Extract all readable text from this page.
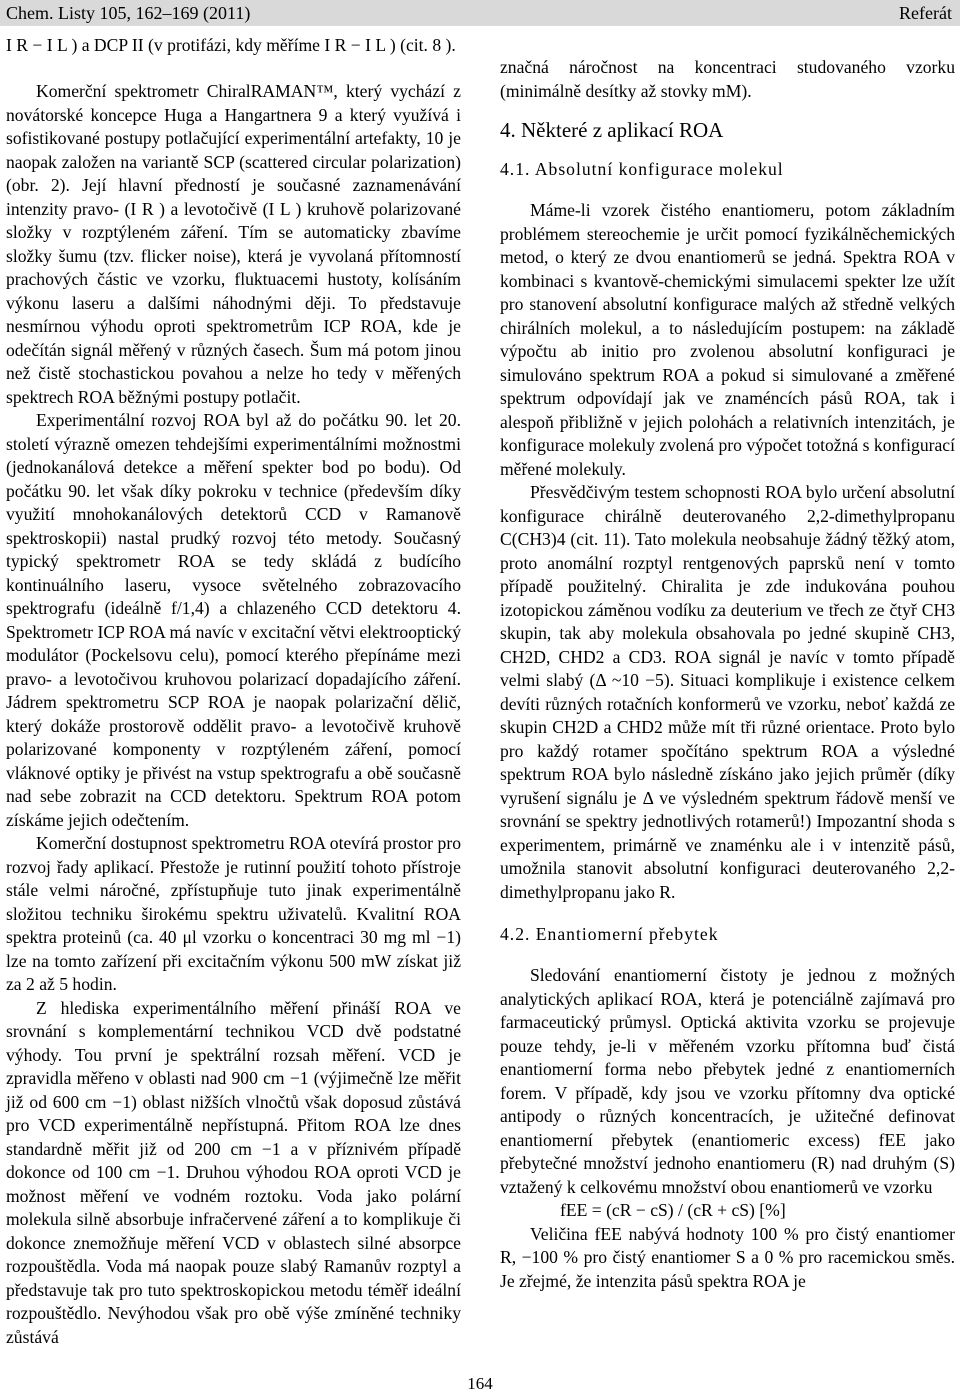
Chem. Listy 105, 162–169 (2011)	Referát
I R − I L ) a DCP II (v protifázi, kdy měříme I R − I L ) (cit. 8 ).

Komerční spektrometr ChiralRAMAN™, který vychází z novátorské koncepce Huga a Hangartnera 9 a který využívá i sofistikované postupy potlačující experimentální artefakty, 10 je naopak založen na variantě SCP (scattered circular polarization) (obr. 2). Její hlavní předností je současné zaznamenávání intenzity pravo- (I R ) a levotočivě (I L ) kruhově polarizované složky v rozptýleném záření. Tím se automaticky zbavíme složky šumu (tzv. flicker noise), která je vyvolaná přítomností prachových částic ve vzorku, fluktuacemi hustoty, kolísáním výkonu laseru a dalšími náhodnými ději. To představuje nesmírnou výhodu oproti spektrometrům ICP ROA, kde je odečítán signál měřený v různých časech. Šum má potom jinou než čistě stochastickou povahou a nelze ho tedy v měřených spektrech ROA běžnými postupy potlačit.

Experimentální rozvoj ROA byl až do počátku 90. let 20. století výrazně omezen tehdejšími experimentálními možnostmi (jednokanálová detekce a měření spekter bod po bodu). Od počátku 90. let však díky pokroku v technice (především díky využití mnohokanálových detektorů CCD v Ramanově spektroskopii) nastal prudký rozvoj této metody. Současný typický spektrometr ROA se tedy skládá z budícího kontinuálního laseru, vysoce světelného zobrazovacího spektrografu (ideálně f/1,4) a chlazeného CCD detektoru 4. Spektrometr ICP ROA má navíc v excitační větvi elektrooptický modulátor (Pockelsovu celu), pomocí kterého přepínáme mezi pravo- a levotočivou kruhovou polarizací dopadajícího záření. Jádrem spektrometru SCP ROA je naopak polarizační dělič, který dokáže prostorově oddělit pravo- a levotočivě kruhově polarizované komponenty v rozptýleném záření, pomocí vláknové optiky je přivést na vstup spektrografu a obě současně nad sebe zobrazit na CCD detektoru. Spektrum ROA potom získáme jejich odečtením.

Komerční dostupnost spektrometru ROA otevírá prostor pro rozvoj řady aplikací. Přestože je rutinní použití tohoto přístroje stále velmi náročné, zpřístupňuje tuto jinak experimentálně složitou techniku širokému spektru uživatelů. Kvalitní ROA spektra proteinů (ca. 40 μl vzorku o koncentraci 30 mg ml −1) lze na tomto zařízení při excitačním výkonu 500 mW získat již za 2 až 5 hodin.

Z hlediska experimentálního měření přináší ROA ve srovnání s komplementární technikou VCD dvě podstatné výhody. Tou první je spektrální rozsah měření. VCD je zpravidla měřeno v oblasti nad 900 cm −1 (výjimečně lze měřit již od 600 cm −1) oblast nižších vlnočtů však doposud zůstává pro VCD experimentálně nepřístupná. Přitom ROA lze dnes standardně měřit již od 200 cm −1 a v příznivém případě dokonce od 100 cm −1. Druhou výhodou ROA oproti VCD je možnost měření ve vodném roztoku. Voda jako polární molekula silně absorbuje infračervené záření a to komplikuje či dokonce znemožňuje měření VCD v oblastech silné absorpce rozpouštědla. Voda má naopak pouze slabý Ramanův rozptyl a představuje tak pro tuto spektroskopickou metodu téměř ideální rozpouštědlo. Nevýhodou však pro obě výše zmíněné techniky zůstává

značná náročnost na koncentraci studovaného vzorku (minimálně desítky až stovky mM).

4. Některé z aplikací ROA
4.1. Absolutní konfigurace molekul

Máme-li vzorek čistého enantiomeru, potom základním problémem stereochemie je určit pomocí fyzikálněchemických metod, o který ze dvou enantiomerů se jedná. Spektra ROA v kombinaci s kvantově-chemickými simulacemi spekter lze užít pro stanovení absolutní konfigurace malých až středně velkých chirálních molekul, a to následujícím postupem: na základě výpočtu ab initio pro zvolenou absolutní konfiguraci je simulováno spektrum ROA a pokud si simulované a změřené spektrum odpovídají jak ve znaméncích pásů ROA, tak i alespoň přibližně v jejich polohách a relativních intenzitách, je konfigurace molekuly zvolená pro výpočet totožná s konfigurací měřené molekuly.

Přesvědčivým testem schopnosti ROA bylo určení absolutní konfigurace chirálně deuterovaného 2,2-dimethylpropanu C(CH3)4 (cit. 11). Tato molekula neobsahuje žádný těžký atom, proto anomální rozptyl rentgenových paprsků není v tomto případě použitelný. Chiralita je zde indukována pouhou izotopickou záměnou vodíku za deuterium ve třech ze čtyř CH3 skupin, tak aby molekula obsahovala po jedné skupině CH3, CH2D, CHD2 a CD3. ROA signál je navíc v tomto případě velmi slabý (Δ ~10 −5). Situaci komplikuje i existence celkem devíti různých rotačních konformerů ve vzorku, neboť každá ze skupin CH2D a CHD2 může mít tři různé orientace. Proto bylo pro každý rotamer spočítáno spektrum ROA a výsledné spektrum ROA bylo následně získáno jako jejich průměr (díky vyrušení signálu je Δ ve výsledném spektrum řádově menší ve srovnání se spektry jednotlivých rotamerů!) Impozantní shoda s experimentem, primárně ve znaménku ale i v intenzitě pásů, umožnila stanovit absolutní konfiguraci deuterovaného 2,2-dimethylpropanu jako R.

4.2. Enantiomerní přebytek

Sledování enantiomerní čistoty je jednou z možných analytických aplikací ROA, která je potenciálně zajímavá pro farmaceutický průmysl. Optická aktivita vzorku se projevuje pouze tehdy, je-li v měřeném vzorku přítomna buď čistá enantiomerní forma nebo přebytek jedné z enantiomerních forem. V případě, kdy jsou ve vzorku přítomny dva optické antipody o různých koncentracích, je užitečné definovat enantiomerní přebytek (enantiomeric excess) fEE jako přebytečné množství jednoho enantiomeru (R) nad druhým (S) vztažený k celkovému množství obou enantiomerů ve vzorku

fEE = (cR − cS) / (cR + cS) [%]

Veličina fEE nabývá hodnoty 100 % pro čistý enantiomer R, −100 % pro čistý enantiomer S a 0 % pro racemickou směs. Je zřejmé, že intenzita pásů spektra ROA je

164
